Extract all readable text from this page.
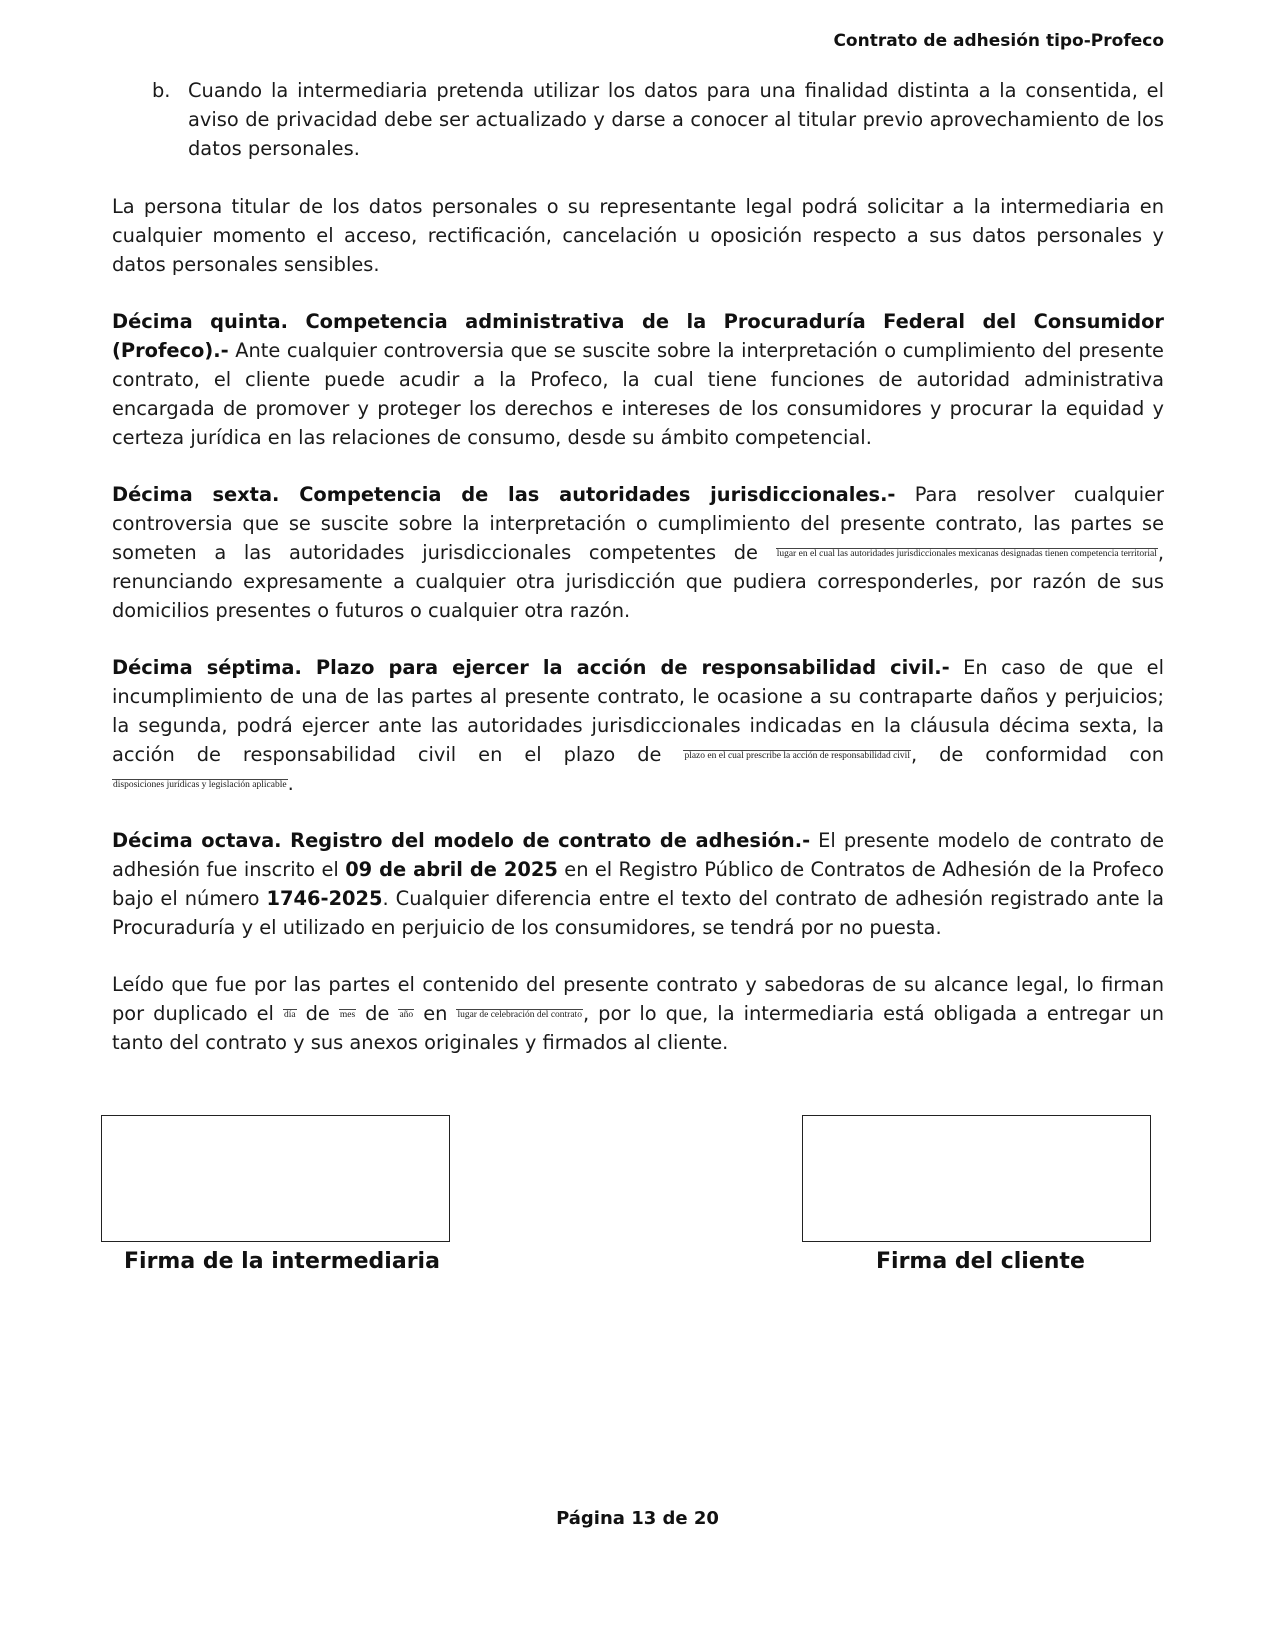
Contrato de adhesión tipo-Profeco
b. Cuando la intermediaria pretenda utilizar los datos para una finalidad distinta a la consentida, el aviso de privacidad debe ser actualizado y darse a conocer al titular previo aprovechamiento de los datos personales.

La persona titular de los datos personales o su representante legal podrá solicitar a la intermediaria en cualquier momento el acceso, rectificación, cancelación u oposición respecto a sus datos personales y datos personales sensibles.

Décima quinta. Competencia administrativa de la Procuraduría Federal del Consumidor (Profeco).- Ante cualquier controversia que se suscite sobre la interpretación o cumplimiento del presente contrato, el cliente puede acudir a la Profeco, la cual tiene funciones de autoridad administrativa encargada de promover y proteger los derechos e intereses de los consumidores y procurar la equidad y certeza jurídica en las relaciones de consumo, desde su ámbito competencial.

Décima sexta. Competencia de las autoridades jurisdiccionales.- Para resolver cualquier controversia que se suscite sobre la interpretación o cumplimiento del presente contrato, las partes se someten a las autoridades jurisdiccionales competentes de lugar en el cual las autoridades jurisdiccionales mexicanas designadas tienen competencia territorial, renunciando expresamente a cualquier otra jurisdicción que pudiera corresponderles, por razón de sus domicilios presentes o futuros o cualquier otra razón.

Décima séptima. Plazo para ejercer la acción de responsabilidad civil.- En caso de que el incumplimiento de una de las partes al presente contrato, le ocasione a su contraparte daños y perjuicios; la segunda, podrá ejercer ante las autoridades jurisdiccionales indicadas en la cláusula décima sexta, la acción de responsabilidad civil en el plazo de plazo en el cual prescribe la acción de responsabilidad civil, de conformidad con disposiciones jurídicas y legislación aplicable.

Décima octava. Registro del modelo de contrato de adhesión.- El presente modelo de contrato de adhesión fue inscrito el 09 de abril de 2025 en el Registro Público de Contratos de Adhesión de la Profeco bajo el número 1746-2025. Cualquier diferencia entre el texto del contrato de adhesión registrado ante la Procuraduría y el utilizado en perjuicio de los consumidores, se tendrá por no puesta.

Leído que fue por las partes el contenido del presente contrato y sabedoras de su alcance legal, lo firman por duplicado el día de mes de año en lugar de celebración del contrato, por lo que, la intermediaria está obligada a entregar un tanto del contrato y sus anexos originales y firmados al cliente.

Firma de la intermediaria	Firma del cliente
Página 13 de 20
